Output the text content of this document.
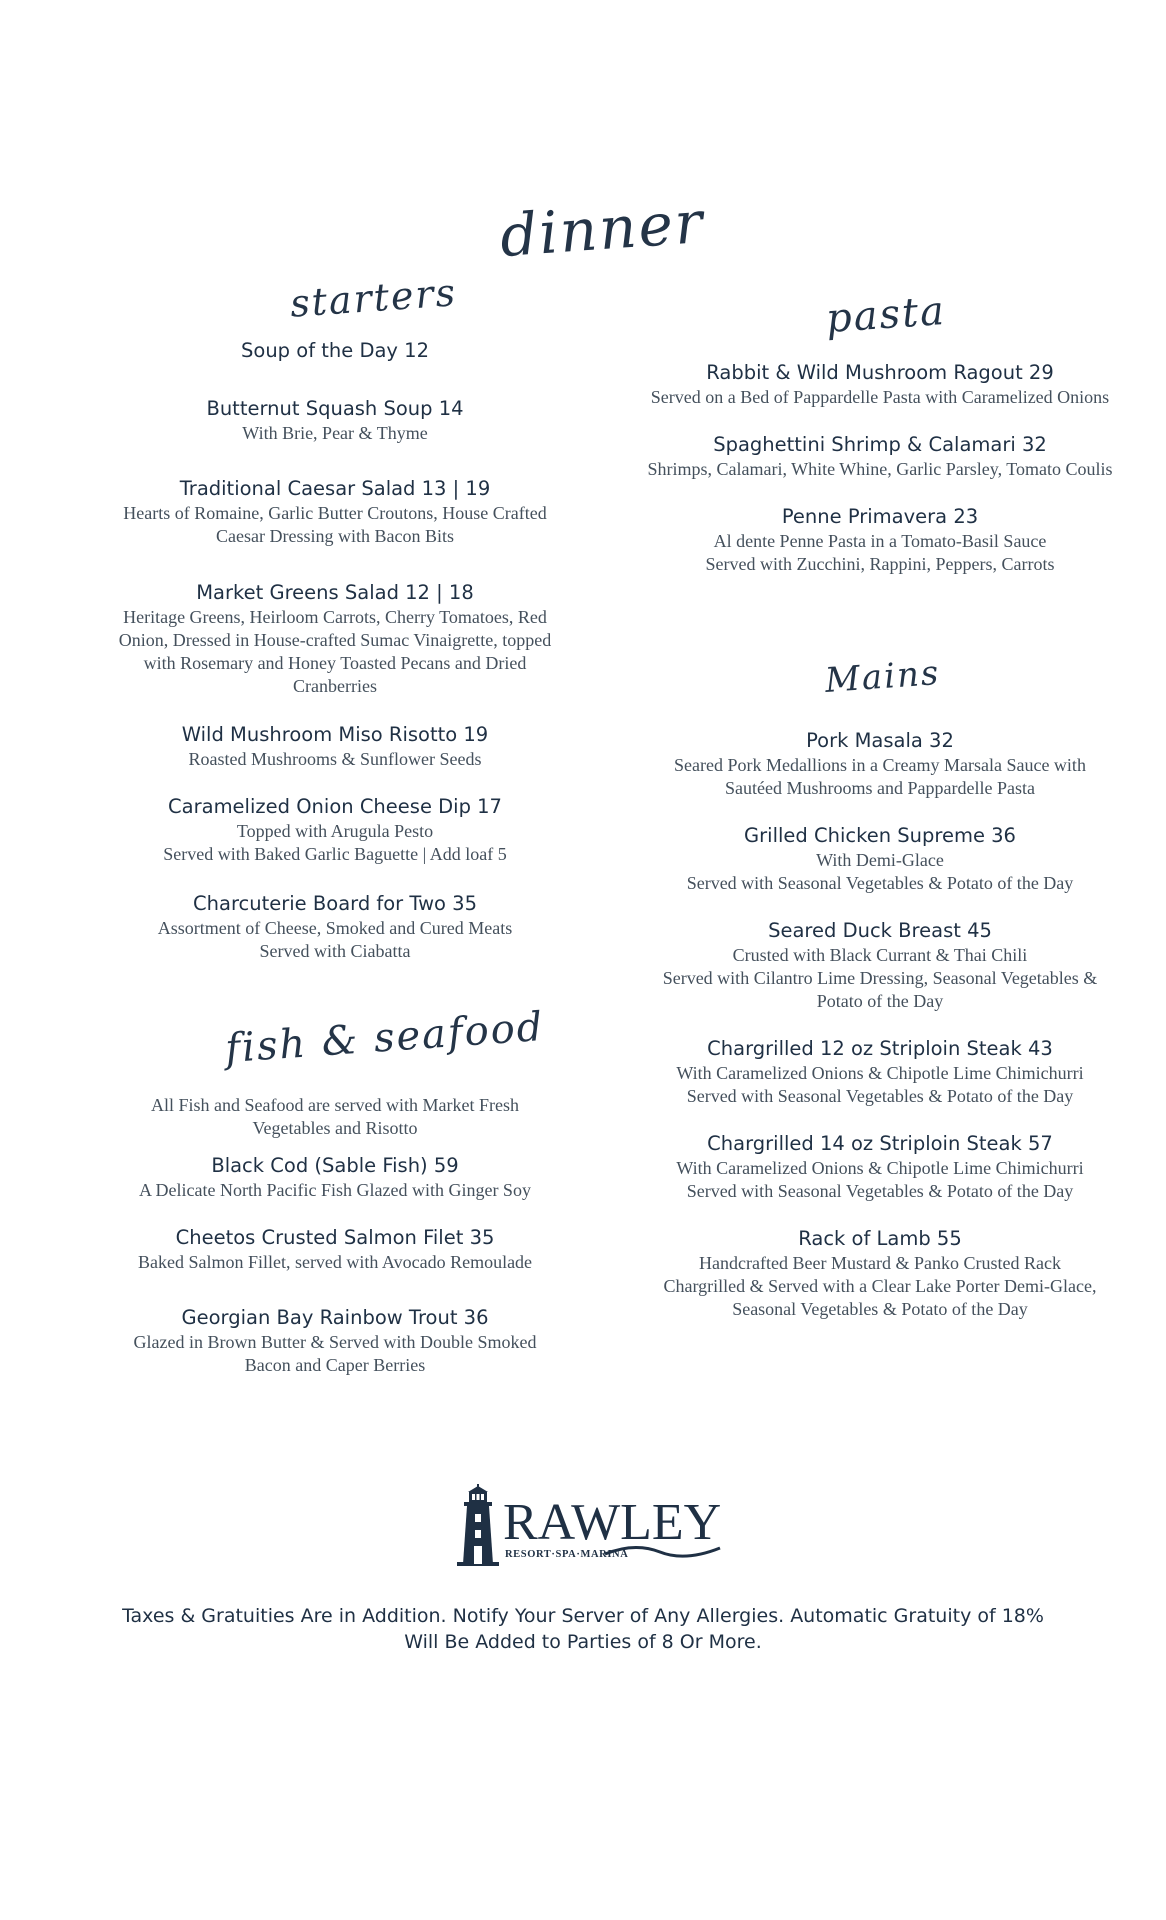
dinner
starters	pasta
Mains
fish & seafood
Soup of the Day 12
Butternut Squash Soup 14
With Brie, Pear & Thyme
Traditional Caesar Salad 13 | 19
Hearts of Romaine, Garlic Butter Croutons, House Crafted
Caesar Dressing with Bacon Bits
Market Greens Salad 12 | 18
Heritage Greens, Heirloom Carrots, Cherry Tomatoes, Red
Onion, Dressed in House-crafted Sumac Vinaigrette, topped
with Rosemary and Honey Toasted Pecans and Dried
Cranberries
Wild Mushroom Miso Risotto 19
Roasted Mushrooms & Sunflower Seeds
Caramelized Onion Cheese Dip 17
Topped with Arugula Pesto
Served with Baked Garlic Baguette | Add loaf 5
Charcuterie Board for Two 35
Assortment of Cheese, Smoked and Cured Meats
Served with Ciabatta
All Fish and Seafood are served with Market Fresh
Vegetables and Risotto
Black Cod (Sable Fish) 59
A Delicate North Pacific Fish Glazed with Ginger Soy
Cheetos Crusted Salmon Filet 35
Baked Salmon Fillet, served with Avocado Remoulade
Georgian Bay Rainbow Trout 36
Glazed in Brown Butter & Served with Double Smoked
Bacon and Caper Berries
Rabbit & Wild Mushroom Ragout 29
Served on a Bed of Pappardelle Pasta with Caramelized Onions
Spaghettini Shrimp & Calamari 32
Shrimps, Calamari, White Whine, Garlic Parsley, Tomato Coulis
Penne Primavera 23
Al dente Penne Pasta in a Tomato-Basil Sauce
Served with Zucchini, Rappini, Peppers, Carrots
Pork Masala 32
Seared Pork Medallions in a Creamy Marsala Sauce with
Sautéed Mushrooms and Pappardelle Pasta
Grilled Chicken Supreme 36
With Demi-Glace
Served with Seasonal Vegetables & Potato of the Day
Seared Duck Breast 45
Crusted with Black Currant & Thai Chili
Served with Cilantro Lime Dressing, Seasonal Vegetables &
Potato of the Day
Chargrilled 12 oz Striploin Steak 43
With Caramelized Onions & Chipotle Lime Chimichurri
Served with Seasonal Vegetables & Potato of the Day
Chargrilled 14 oz Striploin Steak 57
With Caramelized Onions & Chipotle Lime Chimichurri
Served with Seasonal Vegetables & Potato of the Day
Rack of Lamb 55
Handcrafted Beer Mustard & Panko Crusted Rack
Chargrilled & Served with a Clear Lake Porter Demi-Glace,
Seasonal Vegetables & Potato of the Day
RAWLEY
RESORT·SPA·MARINA
Taxes & Gratuities Are in Addition. Notify Your Server of Any Allergies. Automatic Gratuity of 18%
Will Be Added to Parties of 8 Or More.
